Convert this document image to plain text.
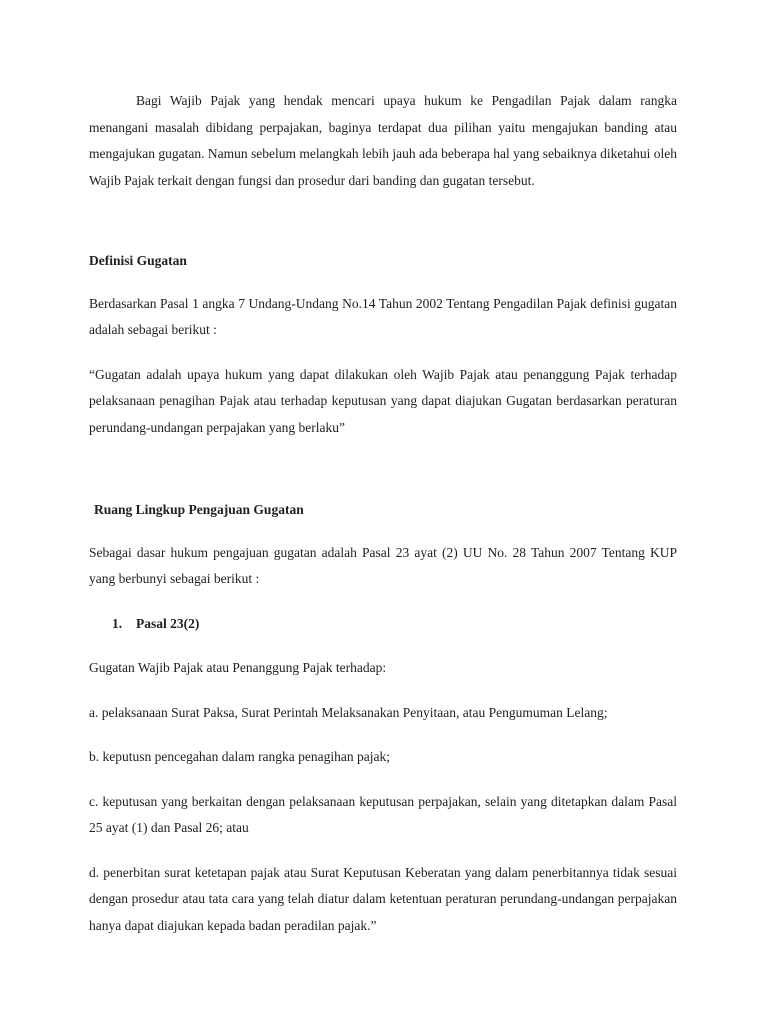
Bagi Wajib Pajak yang hendak mencari upaya hukum ke Pengadilan Pajak dalam rangka menangani masalah dibidang perpajakan, baginya terdapat dua pilihan yaitu mengajukan banding atau mengajukan gugatan. Namun sebelum melangkah lebih jauh ada beberapa hal yang sebaiknya diketahui oleh Wajib Pajak terkait dengan fungsi dan prosedur dari banding dan gugatan tersebut.

Definisi Gugatan

Berdasarkan Pasal 1 angka 7 Undang-Undang No.14 Tahun 2002 Tentang Pengadilan Pajak definisi gugatan adalah sebagai berikut :

“Gugatan adalah upaya hukum yang dapat dilakukan oleh Wajib Pajak atau penanggung Pajak terhadap pelaksanaan penagihan Pajak atau terhadap keputusan yang dapat diajukan Gugatan berdasarkan peraturan perundang-undangan perpajakan yang berlaku”

Ruang Lingkup Pengajuan Gugatan

Sebagai dasar hukum pengajuan gugatan adalah Pasal 23 ayat (2) UU No. 28 Tahun 2007 Tentang KUP yang berbunyi sebagai berikut :

1. Pasal 23(2)

Gugatan Wajib Pajak atau Penanggung Pajak terhadap:

a. pelaksanaan Surat Paksa, Surat Perintah Melaksanakan Penyitaan, atau Pengumuman Lelang;

b. keputusn pencegahan dalam rangka penagihan pajak;

c. keputusan yang berkaitan dengan pelaksanaan keputusan perpajakan, selain yang ditetapkan dalam Pasal 25 ayat (1) dan Pasal 26; atau

d. penerbitan surat ketetapan pajak atau Surat Keputusan Keberatan yang dalam penerbitannya tidak sesuai dengan prosedur atau tata cara yang telah diatur dalam ketentuan peraturan perundang-undangan perpajakan hanya dapat diajukan kepada badan peradilan pajak.”
